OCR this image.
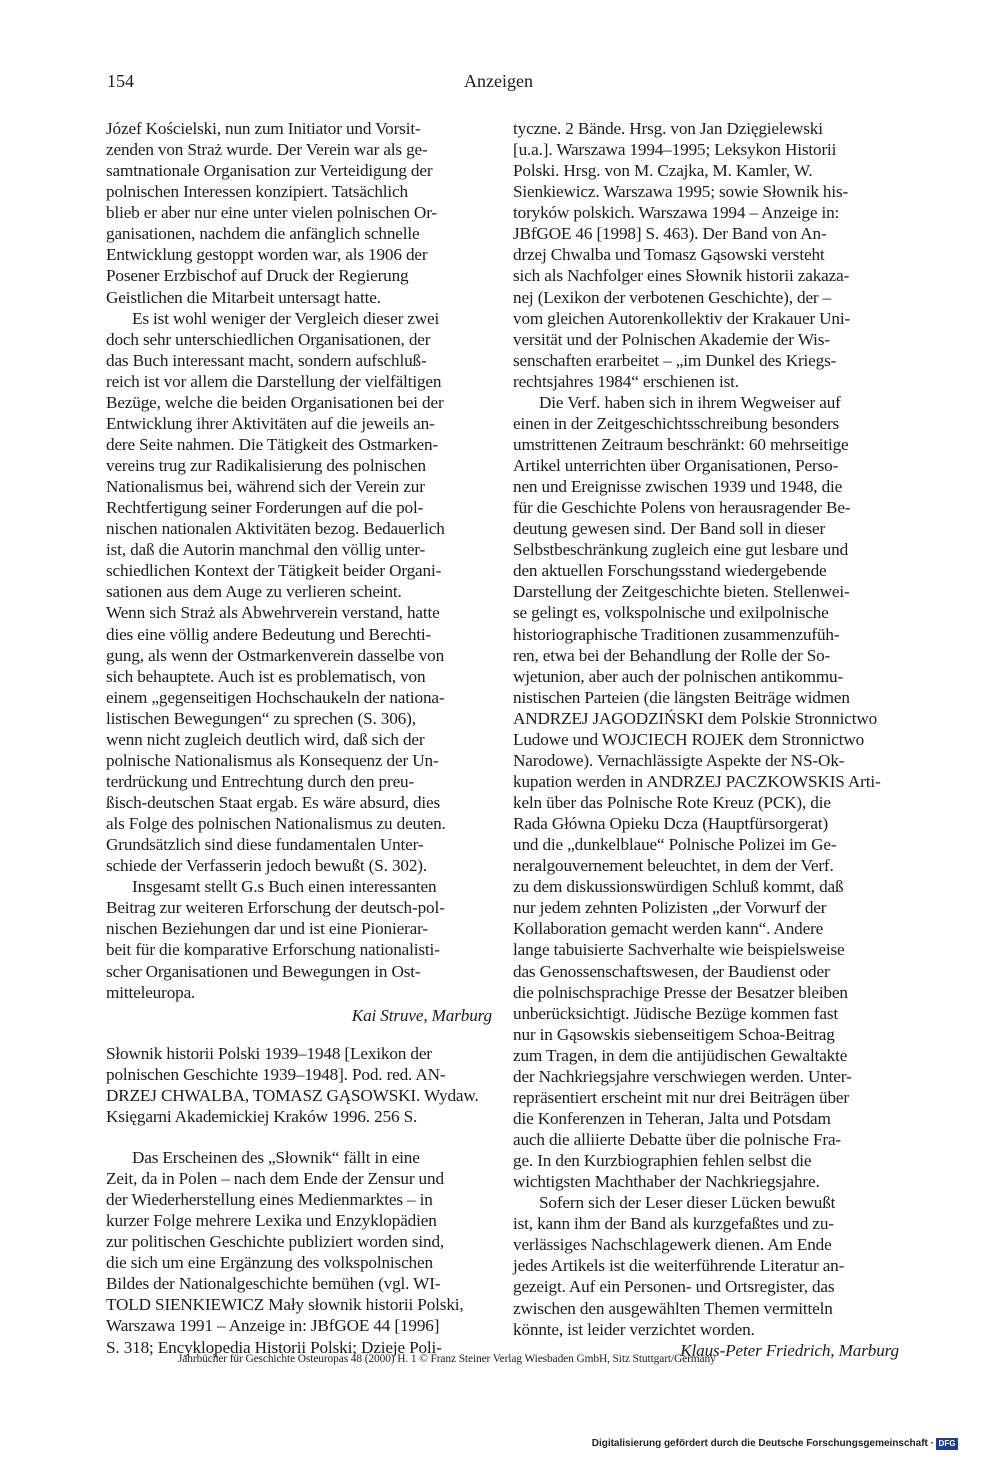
154	Anzeigen

Józef Kościelski, nun zum Initiator und Vorsit-
zenden von Straż wurde. Der Verein war als ge-
samtnationale Organisation zur Verteidigung der
polnischen Interessen konzipiert. Tatsächlich
blieb er aber nur eine unter vielen polnischen Or-
ganisationen, nachdem die anfänglich schnelle
Entwicklung gestoppt worden war, als 1906 der
Posener Erzbischof auf Druck der Regierung
Geistlichen die Mitarbeit untersagt hatte.

Es ist wohl weniger der Vergleich dieser zwei
doch sehr unterschiedlichen Organisationen, der
das Buch interessant macht, sondern aufschluß-
reich ist vor allem die Darstellung der vielfältigen
Bezüge, welche die beiden Organisationen bei der
Entwicklung ihrer Aktivitäten auf die jeweils an-
dere Seite nahmen. Die Tätigkeit des Ostmarken-
vereins trug zur Radikalisierung des polnischen
Nationalismus bei, während sich der Verein zur
Rechtfertigung seiner Forderungen auf die pol-
nischen nationalen Aktivitäten bezog. Bedauerlich
ist, daß die Autorin manchmal den völlig unter-
schiedlichen Kontext der Tätigkeit beider Organi-
sationen aus dem Auge zu verlieren scheint.
Wenn sich Straż als Abwehrverein verstand, hatte
dies eine völlig andere Bedeutung und Berechti-
gung, als wenn der Ostmarkenverein dasselbe von
sich behauptete. Auch ist es problematisch, von
einem „gegenseitigen Hochschaukeln der nationa-
listischen Bewegungen“ zu sprechen (S. 306),
wenn nicht zugleich deutlich wird, daß sich der
polnische Nationalismus als Konsequenz der Un-
terdrückung und Entrechtung durch den preu-
ßisch-deutschen Staat ergab. Es wäre absurd, dies
als Folge des polnischen Nationalismus zu deuten.
Grundsätzlich sind diese fundamentalen Unter-
schiede der Verfasserin jedoch bewußt (S. 302).

Insgesamt stellt G.s Buch einen interessanten
Beitrag zur weiteren Erforschung der deutsch-pol-
nischen Beziehungen dar und ist eine Pionierar-
beit für die komparative Erforschung nationalisti-
scher Organisationen und Bewegungen in Ost-
mitteleuropa.

Kai Struve, Marburg

Słownik historii Polski 1939–1948 [Lexikon der
polnischen Geschichte 1939–1948]. Pod. red. AN-
DRZEJ CHWALBA, TOMASZ GĄSOWSKI. Wydaw.
Księgarni Akademickiej Kraków 1996. 256 S.

Das Erscheinen des „Słownik“ fällt in eine
Zeit, da in Polen – nach dem Ende der Zensur und
der Wiederherstellung eines Medienmarktes – in
kurzer Folge mehrere Lexika und Enzyklopädien
zur politischen Geschichte publiziert worden sind,
die sich um eine Ergänzung des volkspolnischen
Bildes der Nationalgeschichte bemühen (vgl. WI-
TOLD SIENKIEWICZ Mały słownik historii Polski,
Warszawa 1991 – Anzeige in: JBfGOE 44 [1996]
S. 318; Encyklopedia Historii Polski; Dzieje Poli-

tyczne. 2 Bände. Hrsg. von Jan Dzięgielewski
[u.a.]. Warszawa 1994–1995; Leksykon Historii
Polski. Hrsg. von M. Czajka, M. Kamler, W.
Sienkiewicz. Warszawa 1995; sowie Słownik his-
toryków polskich. Warszawa 1994 – Anzeige in:
JBfGOE 46 [1998] S. 463). Der Band von An-
drzej Chwalba und Tomasz Gąsowski versteht
sich als Nachfolger eines Słownik historii zakaza-
nej (Lexikon der verbotenen Geschichte), der –
vom gleichen Autorenkollektiv der Krakauer Uni-
versität und der Polnischen Akademie der Wis-
senschaften erarbeitet – „im Dunkel des Kriegs-
rechtsjahres 1984“ erschienen ist.

Die Verf. haben sich in ihrem Wegweiser auf
einen in der Zeitgeschichtsschreibung besonders
umstrittenen Zeitraum beschränkt: 60 mehrseitige
Artikel unterrichten über Organisationen, Perso-
nen und Ereignisse zwischen 1939 und 1948, die
für die Geschichte Polens von herausragender Be-
deutung gewesen sind. Der Band soll in dieser
Selbstbeschränkung zugleich eine gut lesbare und
den aktuellen Forschungsstand wiedergebende
Darstellung der Zeitgeschichte bieten. Stellenwei-
se gelingt es, volkspolnische und exilpolnische
historiographische Traditionen zusammenzufüh-
ren, etwa bei der Behandlung der Rolle der So-
wjetunion, aber auch der polnischen antikommu-
nistischen Parteien (die längsten Beiträge widmen
ANDRZEJ JAGODZIŃSKI dem Polskie Stronnictwo
Ludowe und WOJCIECH ROJEK dem Stronnictwo
Narodowe). Vernachlässigte Aspekte der NS-Ok-
kupation werden in ANDRZEJ PACZKOWSKIS Arti-
keln über das Polnische Rote Kreuz (PCK), die
Rada Główna Opieku Dcza (Hauptfürsorgerat)
und die „dunkelblaue“ Polnische Polizei im Ge-
neralgouvernement beleuchtet, in dem der Verf.
zu dem diskussionswürdigen Schluß kommt, daß
nur jedem zehnten Polizisten „der Vorwurf der
Kollaboration gemacht werden kann“. Andere
lange tabuisierte Sachverhalte wie beispielsweise
das Genossenschaftswesen, der Baudienst oder
die polnischsprachige Presse der Besatzer bleiben
unberücksichtigt. Jüdische Bezüge kommen fast
nur in Gąsowskis siebenseitigem Schoa-Beitrag
zum Tragen, in dem die antijüdischen Gewaltakte
der Nachkriegsjahre verschwiegen werden. Unter-
repräsentiert erscheint mit nur drei Beiträgen über
die Konferenzen in Teheran, Jalta und Potsdam
auch die alliierte Debatte über die polnische Fra-
ge. In den Kurzbiographien fehlen selbst die
wichtigsten Machthaber der Nachkriegsjahre.

Sofern sich der Leser dieser Lücken bewußt
ist, kann ihm der Band als kurzgefaßtes und zu-
verlässiges Nachschlagewerk dienen. Am Ende
jedes Artikels ist die weiterführende Literatur an-
gezeigt. Auf ein Personen- und Ortsregister, das
zwischen den ausgewählten Themen vermitteln
könnte, ist leider verzichtet worden.

Klaus-Peter Friedrich, Marburg

Jahrbücher für Geschichte Osteuropas 48 (2000) H. 1 © Franz Steiner Verlag Wiesbaden GmbH, Sitz Stuttgart/Germany
Digitalisierung gefördert durch die Deutsche Forschungsgemeinschaft · DFG
